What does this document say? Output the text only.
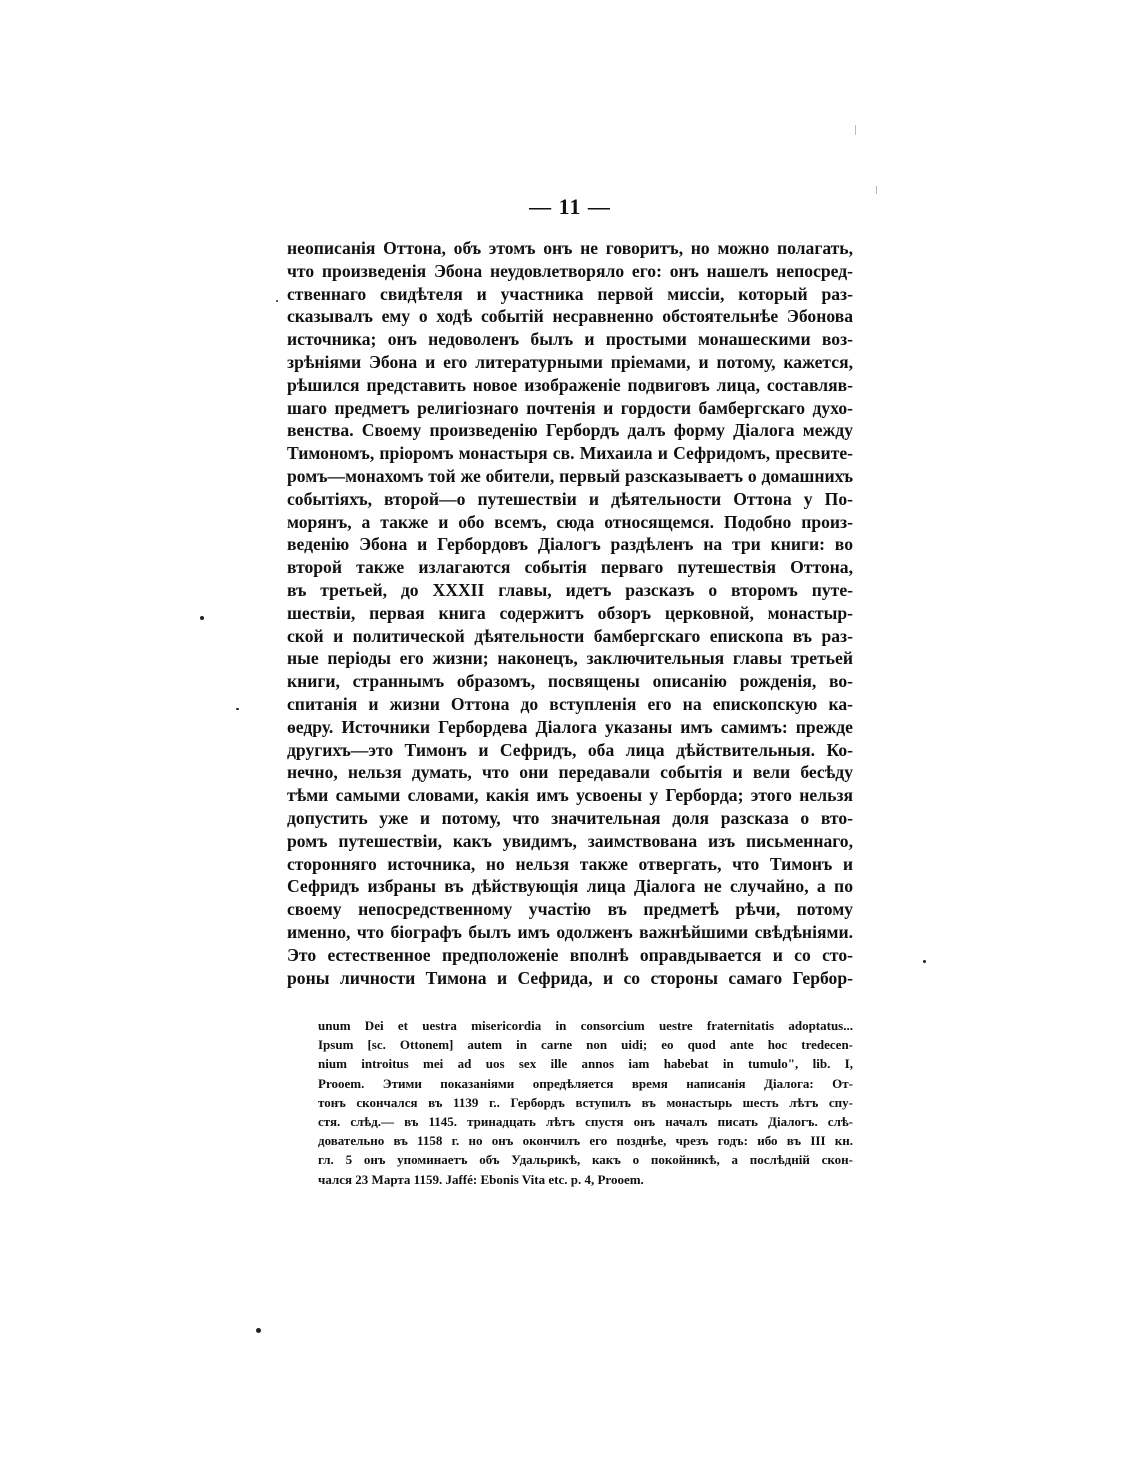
— 11 —
неописанія Оттона, объ этомъ онъ не говоритъ, но можно полагать,
что произведенія Эбона неудовлетворяло его: онъ нашелъ непосред-
ственнаго свидѣтеля и участника первой миссіи, который раз-
сказывалъ ему о ходѣ событій несравненно обстоятельнѣе Эбонова
источника; онъ недоволенъ былъ и простыми монашескими воз-
зрѣніями Эбона и его литературными пріемами, и потому, кажется,
рѣшился представить новое изображеніе подвиговъ лица, составляв-
шаго предметъ религіознаго почтенія и гордости бамбергскаго духо-
венства. Своему произведенію Гербордъ далъ форму Діалога между
Тимономъ, пріоромъ монастыря св. Михаила и Сефридомъ, пресвите-
ромъ—монахомъ той же обители, первый разсказываетъ о домашнихъ
событіяхъ, второй—о путешествіи и дѣятельности Оттона у По-
морянъ, а также и обо всемъ, сюда относящемся. Подобно произ-
веденію Эбона и Гербордовъ Діалогъ раздѣленъ на три книги: во
второй также излагаются событія перваго путешествія Оттона,
въ третьей, до XXXII главы, идетъ разсказъ о второмъ путе-
шествіи, первая книга содержитъ обзоръ церковной, монастыр-
ской и политической дѣятельности бамбергскаго епископа въ раз-
ные періоды его жизни; наконецъ, заключительныя главы третьей
книги, страннымъ образомъ, посвящены описанію рожденія, во-
спитанія и жизни Оттона до вступленія его на епископскую ка-
ѳедру. Источники Гербордева Діалога указаны имъ самимъ: прежде
другихъ—это Тимонъ и Сефридъ, оба лица дѣйствительныя. Ко-
нечно, нельзя думать, что они передавали событія и вели бесѣду
тѣми самыми словами, какія имъ усвоены у Герборда; этого нельзя
допустить уже и потому, что значительная доля разсказа о вто-
ромъ путешествіи, какъ увидимъ, заимствована изъ письменнаго,
сторонняго источника, но нельзя также отвергать, что Тимонъ и
Сефридъ избраны въ дѣйствующія лица Діалога не случайно, а по
своему непосредственному участію въ предметѣ рѣчи, потому
именно, что біографъ былъ имъ одолженъ важнѣйшими свѣдѣніями.
Это естественное предположеніе вполнѣ оправдывается и со сто-
роны личности Тимона и Сефрида, и со стороны самаго Гербор-
unum Dei et uestra misericordia in consorcium uestre fraternitatis adoptatus...
Ipsum [sc. Ottonem] autem in carne non uidi; eo quod ante hoc tredecen-
nium introitus mei ad uos sex ille annos iam habebat in tumulo", lib. I,
Prooem. Этими показаніями опредѣляется время написанія Діалога: От-
тонъ скончался въ 1139 г.. Гербордъ вступилъ въ монастырь шесть лѣтъ спу-
стя. слѣд.— въ 1145. тринадцать лѣтъ спустя онъ началъ писать Діалогъ. слѣ-
довательно въ 1158 г. но онъ окончилъ его позднѣе, чрезъ годъ: ибо въ III кн.
гл. 5 онъ упоминаетъ объ Удальрикѣ, какъ о покойникѣ, а послѣдній скон-
чался 23 Марта 1159. Jaffé: Ebonis Vita etc. p. 4, Prooem.
